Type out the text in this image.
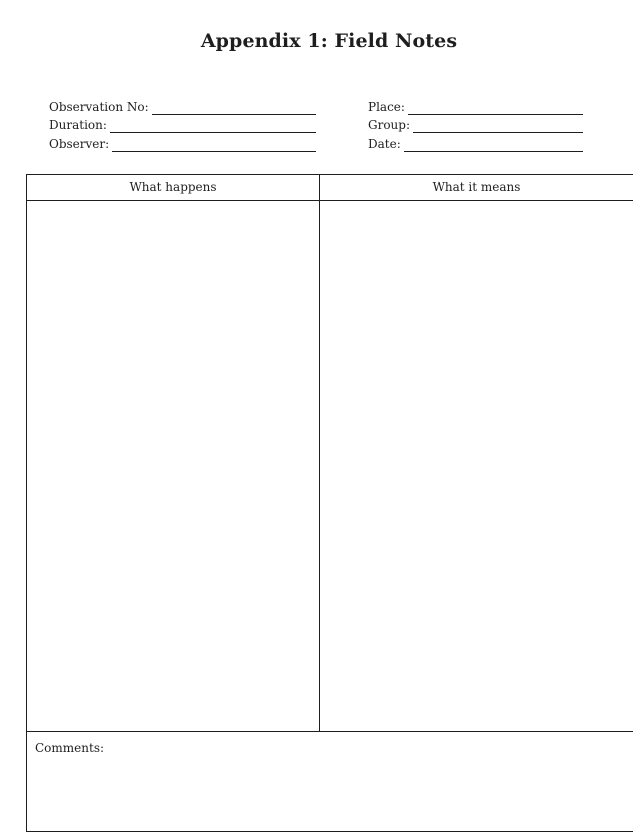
Appendix 1: Field Notes
Observation No:
Duration:
Observer:
Place:
Group:
Date:
What happens	What it means
Comments:
